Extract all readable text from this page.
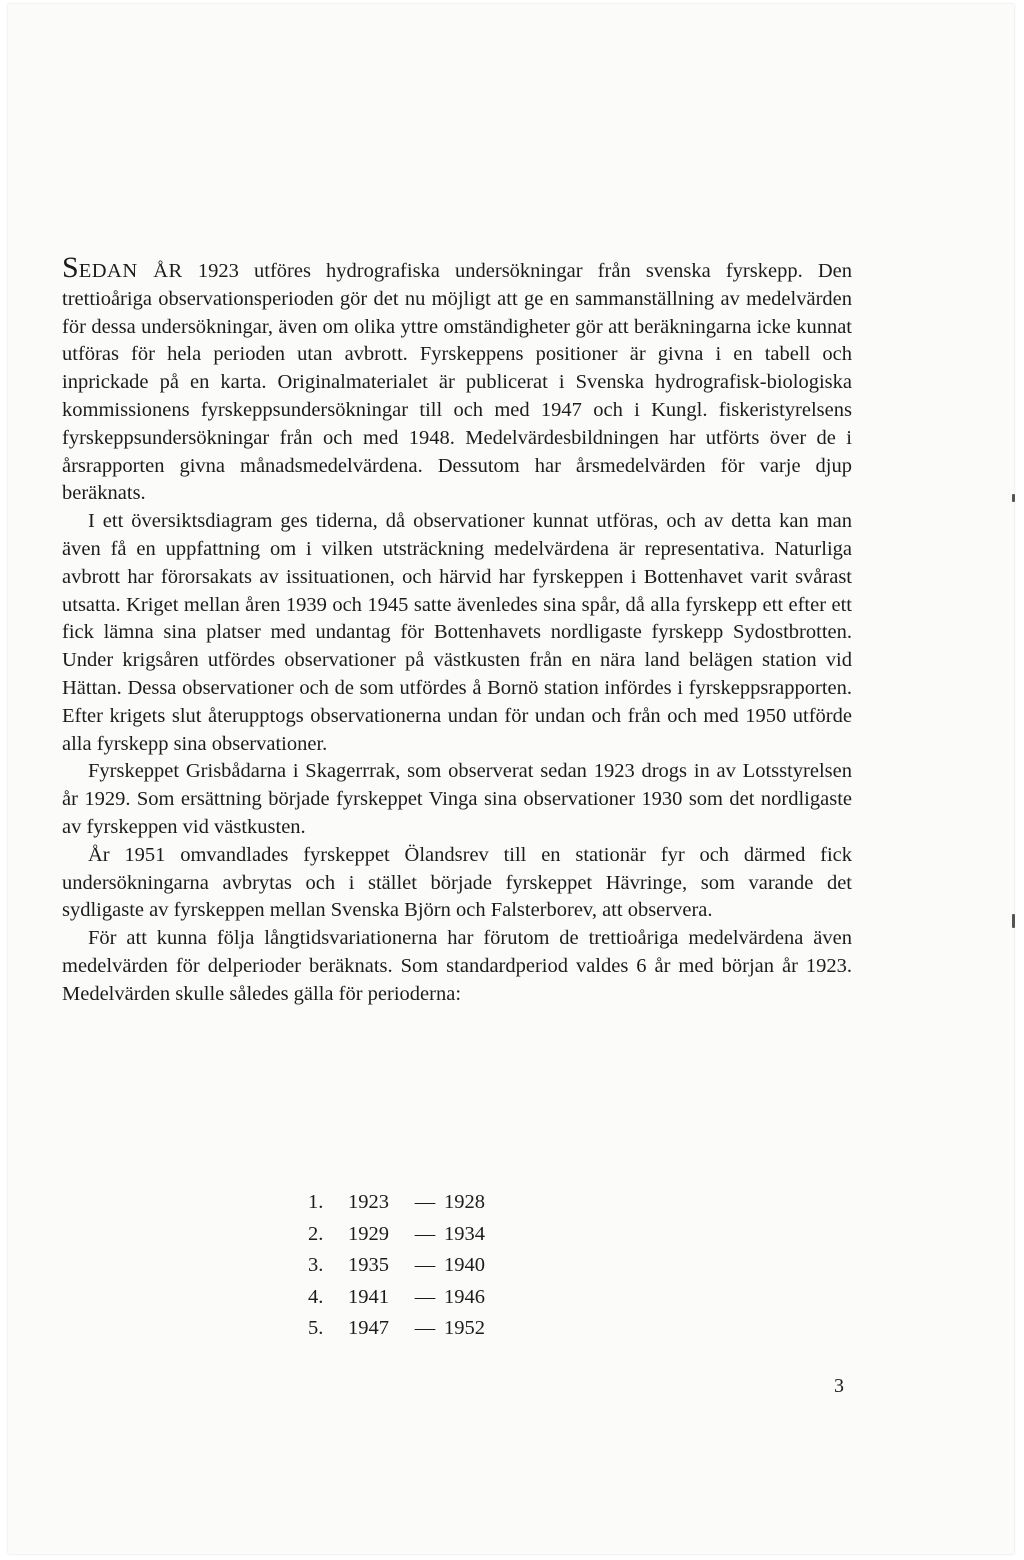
SEDAN ÅR 1923 utföres hydrografiska undersökningar från svenska fyrskepp. Den trettioåriga observationsperioden gör det nu möjligt att ge en sammanställning av medelvärden för dessa undersökningar, även om olika yttre omständigheter gör att beräkningarna icke kunnat utföras för hela perioden utan avbrott. Fyrskeppens positioner är givna i en tabell och inprickade på en karta. Originalmaterialet är publicerat i Svenska hydrografisk-biologiska kommissionens fyrskeppsundersökningar till och med 1947 och i Kungl. fiskeristyrelsens fyrskeppsundersökningar från och med 1948. Medelvärdesbildningen har utförts över de i årsrapporten givna månadsmedelvärdena. Dessutom har årsmedelvärden för varje djup beräknats.

I ett översiktsdiagram ges tiderna, då observationer kunnat utföras, och av detta kan man även få en uppfattning om i vilken utsträckning medelvärdena är representativa. Naturliga avbrott har förorsakats av issituationen, och härvid har fyrskeppen i Bottenhavet varit svårast utsatta. Kriget mellan åren 1939 och 1945 satte ävenledes sina spår, då alla fyrskepp ett efter ett fick lämna sina platser med undantag för Bottenhavets nordligaste fyrskepp Sydostbrotten. Under krigsåren utfördes observationer på västkusten från en nära land belägen station vid Hättan. Dessa observationer och de som utfördes å Bornö station infördes i fyrskeppsrapporten. Efter krigets slut återupptogs observationerna undan för undan och från och med 1950 utförde alla fyrskepp sina observationer.

Fyrskeppet Grisbådarna i Skagerrrak, som observerat sedan 1923 drogs in av Lotsstyrelsen år 1929. Som ersättning började fyrskeppet Vinga sina observationer 1930 som det nordligaste av fyrskeppen vid västkusten.

År 1951 omvandlades fyrskeppet Ölandsrev till en stationär fyr och därmed fick undersökningarna avbrytas och i stället började fyrskeppet Hävringe, som varande det sydligaste av fyrskeppen mellan Svenska Björn och Falsterborev, att observera.

För att kunna följa långtidsvariationerna har förutom de trettioåriga medelvärdena även medelvärden för delperioder beräknats. Som standardperiod valdes 6 år med början år 1923. Medelvärden skulle således gälla för perioderna:

1. 1923 — 1928
2. 1929 — 1934
3. 1935 — 1940
4. 1941 — 1946
5. 1947 — 1952
3
